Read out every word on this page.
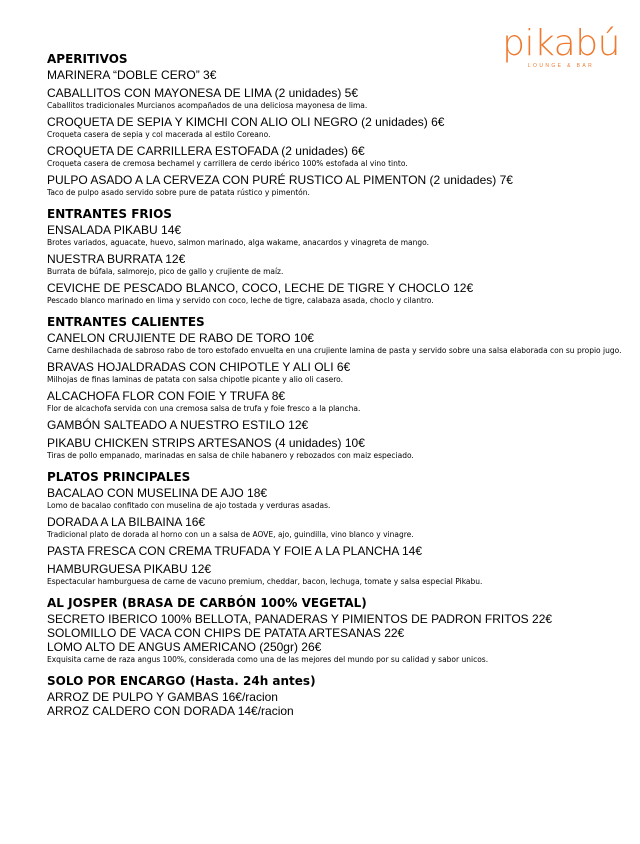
pikabú
LOUNGE & BAR
APERITIVOS
MARINERA “DOBLE CERO” 3€
CABALLITOS CON MAYONESA DE LIMA (2 unidades) 5€
Caballitos tradicionales Murcianos acompañados de una deliciosa mayonesa de lima.
CROQUETA DE SEPIA Y KIMCHI CON ALIO OLI NEGRO (2 unidades) 6€
Croqueta casera de sepia y col macerada al estilo Coreano.
CROQUETA DE CARRILLERA ESTOFADA (2 unidades) 6€
Croqueta casera de cremosa bechamel y carrillera de cerdo ibérico 100% estofada al vino tinto.
PULPO ASADO A LA CERVEZA CON PURÉ RUSTICO AL PIMENTON (2 unidades) 7€
Taco de pulpo asado servido sobre pure de patata rústico y pimentón.
ENTRANTES FRIOS
ENSALADA PIKABU 14€
Brotes variados, aguacate, huevo, salmon marinado, alga wakame, anacardos y vinagreta de mango.
NUESTRA BURRATA 12€
Burrata de búfala, salmorejo, pico de gallo y crujiente de maíz.
CEVICHE DE PESCADO BLANCO, COCO, LECHE DE TIGRE Y CHOCLO 12€
Pescado blanco marinado en lima y servido con coco, leche de tigre, calabaza asada, choclo y cilantro.
ENTRANTES CALIENTES
CANELON CRUJIENTE DE RABO DE TORO 10€
Carne deshilachada de sabroso rabo de toro estofado envuelta en una crujiente lamina de pasta y servido sobre una salsa elaborada con su propio jugo.
BRAVAS HOJALDRADAS CON CHIPOTLE Y ALI OLI 6€
Milhojas de finas laminas de patata con salsa chipotle picante y alio oli casero.
ALCACHOFA FLOR CON FOIE Y TRUFA 8€
Flor de alcachofa servida con una cremosa salsa de trufa y foie fresco a la plancha.
GAMBÓN SALTEADO A NUESTRO ESTILO 12€
PIKABU CHICKEN STRIPS ARTESANOS (4 unidades) 10€
Tiras de pollo empanado, marinadas en salsa de chile habanero y rebozados con maiz especiado.
PLATOS PRINCIPALES
BACALAO CON MUSELINA DE AJO 18€
Lomo de bacalao confitado con muselina de ajo tostada y verduras asadas.
DORADA A LA BILBAINA 16€
Tradicional plato de dorada al horno con un a salsa de AOVE, ajo, guindilla, vino blanco y vinagre.
PASTA FRESCA CON CREMA TRUFADA Y FOIE A LA PLANCHA 14€
HAMBURGUESA PIKABU 12€
Espectacular hamburguesa de carne de vacuno premium, cheddar, bacon, lechuga, tomate y salsa especial Pikabu.
AL JOSPER (BRASA DE CARBÓN 100% VEGETAL)
SECRETO IBERICO 100% BELLOTA, PANADERAS Y PIMIENTOS DE PADRON FRITOS 22€
SOLOMILLO DE VACA CON CHIPS DE PATATA ARTESANAS 22€
LOMO ALTO DE ANGUS AMERICANO (250gr) 26€
Exquisita carne de raza angus 100%, considerada como una de las mejores del mundo por su calidad y sabor unicos.
SOLO POR ENCARGO (Hasta. 24h antes)
ARROZ DE PULPO Y GAMBAS 16€/racion
ARROZ CALDERO CON DORADA 14€/racion
